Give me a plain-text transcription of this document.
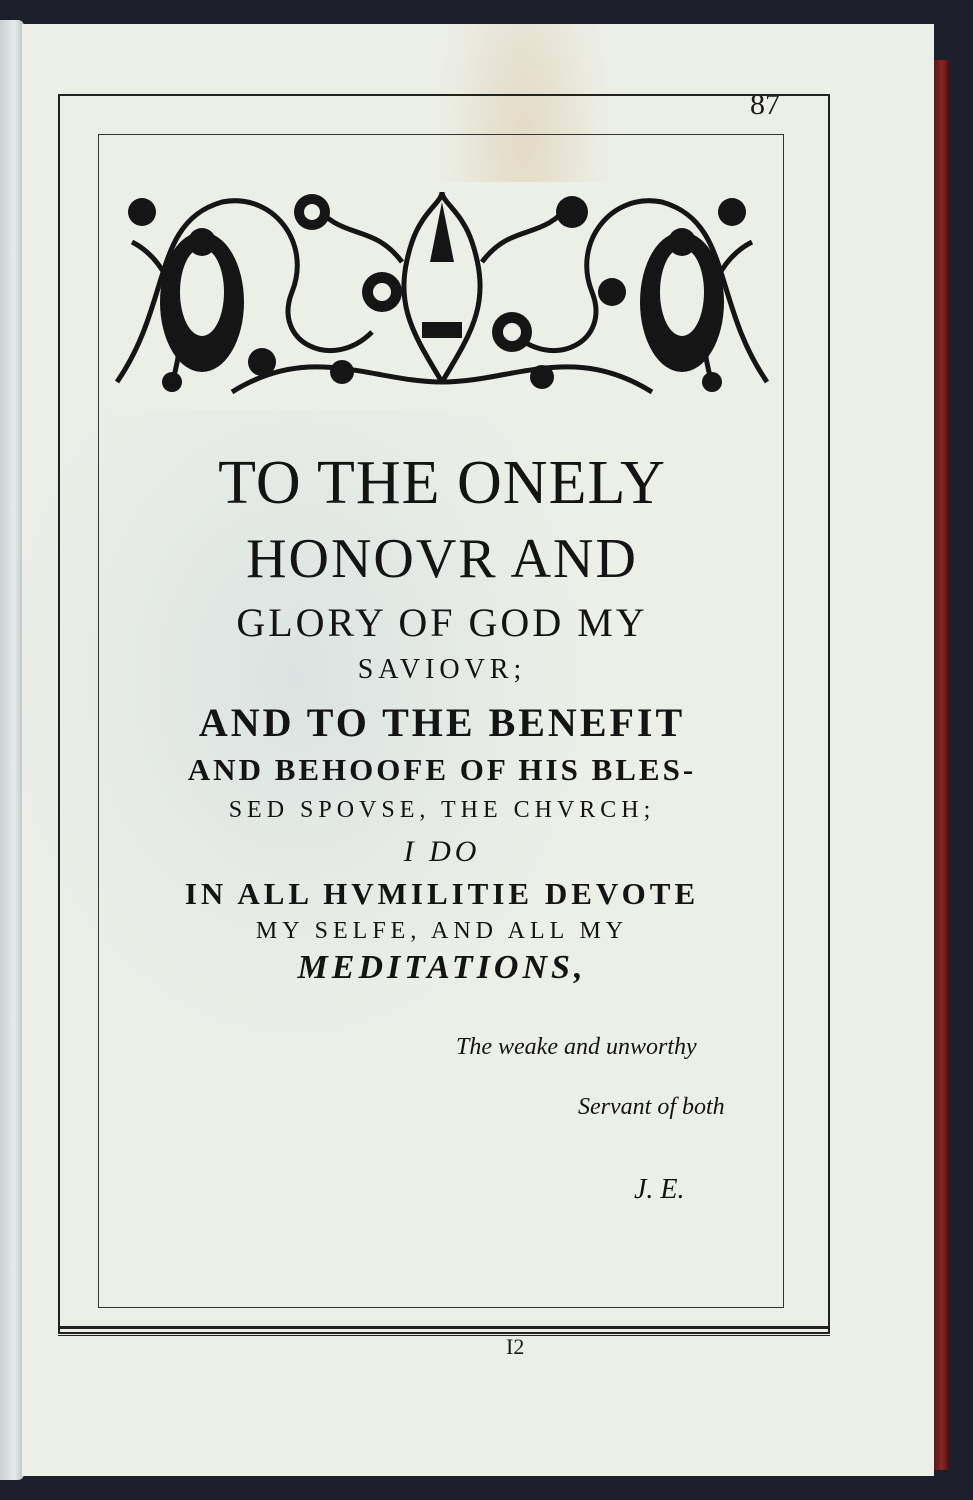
87

TO THE ONELY
HONOVR AND
GLORY OF GOD MY
SAVIOVR;
AND TO THE BENEFIT
AND BEHOOFE OF HIS BLES-
SED SPOVSE, THE CHVRCH;
I DO
IN ALL HVMILITIE DEVOTE
MY SELFE, AND ALL MY
MEDITATIONS,
The weake and unworthy
Servant of both
J. E.
I2
